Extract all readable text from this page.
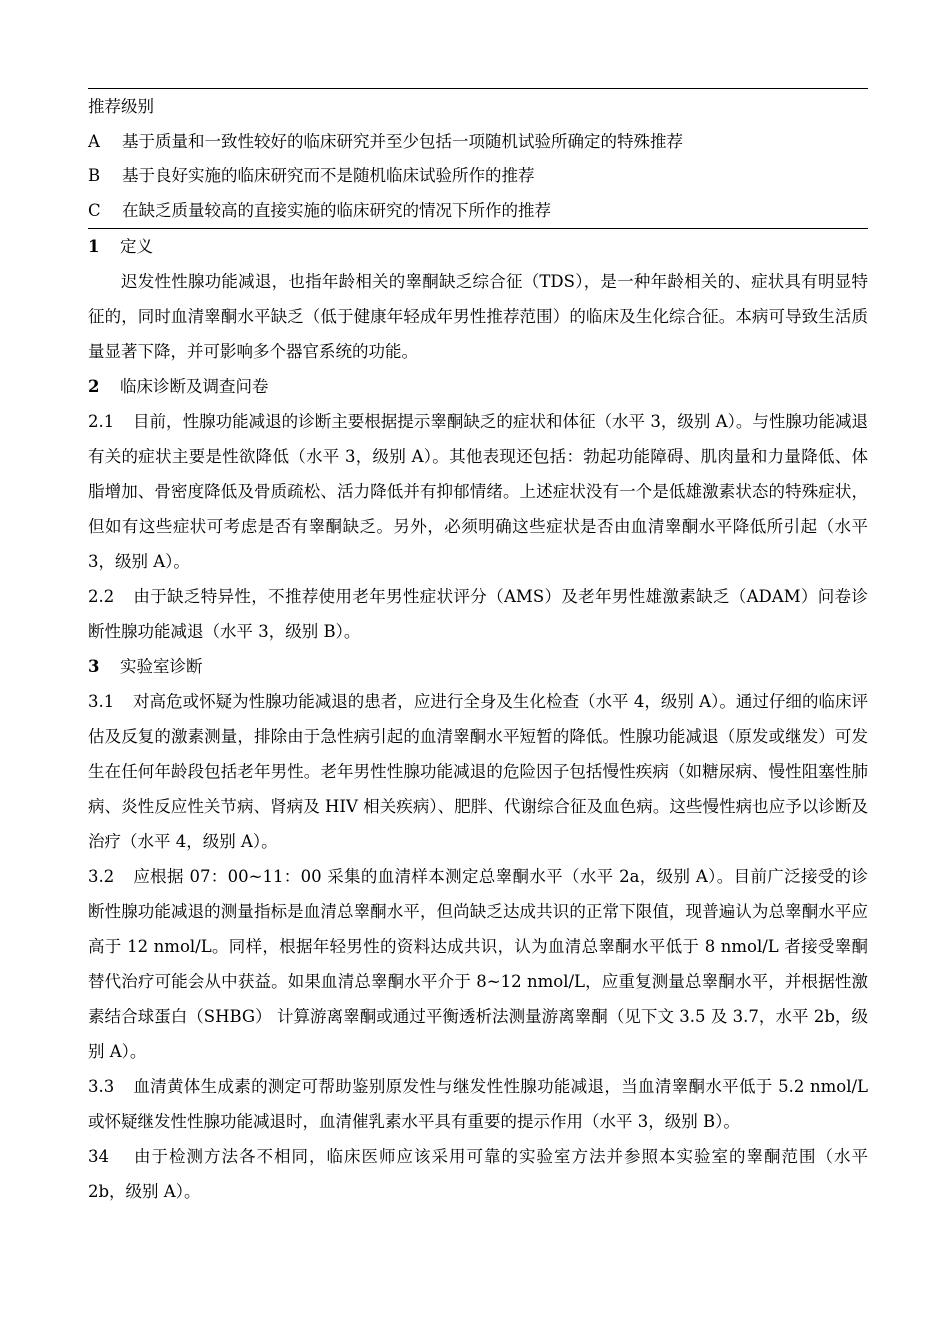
推荐级别
A 基于质量和一致性较好的临床研究并至少包括一项随机试验所确定的特殊推荐
B 基于良好实施的临床研究而不是随机临床试验所作的推荐
C 在缺乏质量较高的直接实施的临床研究的情况下所作的推荐
1 定义

迟发性性腺功能减退，也指年龄相关的睾酮缺乏综合征（TDS），是一种年龄相关的、症状具有明显特征的，同时血清睾酮水平缺乏（低于健康年轻成年男性推荐范围）的临床及生化综合征。本病可导致生活质量显著下降，并可影响多个器官系统的功能。

2 临床诊断及调查问卷

2.1 目前，性腺功能减退的诊断主要根据提示睾酮缺乏的症状和体征（水平 3，级别 A）。与性腺功能减退有关的症状主要是性欲降低（水平 3，级别 A）。其他表现还包括：勃起功能障碍、肌肉量和力量降低、体脂增加、骨密度降低及骨质疏松、活力降低并有抑郁情绪。上述症状没有一个是低雄激素状态的特殊症状，但如有这些症状可考虑是否有睾酮缺乏。另外，必须明确这些症状是否由血清睾酮水平降低所引起（水平 3，级别 A）。

2.2 由于缺乏特异性，不推荐使用老年男性症状评分（AMS）及老年男性雄激素缺乏（ADAM）问卷诊断性腺功能减退（水平 3，级别 B）。

3 实验室诊断

3.1 对高危或怀疑为性腺功能减退的患者，应进行全身及生化检查（水平 4，级别 A）。通过仔细的临床评估及反复的激素测量，排除由于急性病引起的血清睾酮水平短暂的降低。性腺功能减退（原发或继发）可发生在任何年龄段包括老年男性。老年男性性腺功能减退的危险因子包括慢性疾病（如糖尿病、慢性阻塞性肺病、炎性反应性关节病、肾病及 HIV 相关疾病）、肥胖、代谢综合征及血色病。这些慢性病也应予以诊断及治疗（水平 4，级别 A）。

3.2 应根据 07：00~11：00 采集的血清样本测定总睾酮水平（水平 2a，级别 A）。目前广泛接受的诊断性腺功能减退的测量指标是血清总睾酮水平，但尚缺乏达成共识的正常下限值，现普遍认为总睾酮水平应高于 12 nmol/L。同样，根据年轻男性的资料达成共识，认为血清总睾酮水平低于 8 nmol/L 者接受睾酮替代治疗可能会从中获益。如果血清总睾酮水平介于 8~12 nmol/L，应重复测量总睾酮水平，并根据性激素结合球蛋白（SHBG） 计算游离睾酮或通过平衡透析法测量游离睾酮（见下文 3.5 及 3.7，水平 2b，级别 A）。

3.3 血清黄体生成素的测定可帮助鉴别原发性与继发性性腺功能减退，当血清睾酮水平低于 5.2 nmol/L 或怀疑继发性性腺功能减退时，血清催乳素水平具有重要的提示作用（水平 3，级别 B）。

34 由于检测方法各不相同，临床医师应该采用可靠的实验室方法并参照本实验室的睾酮范围（水平 2b，级别 A）。
